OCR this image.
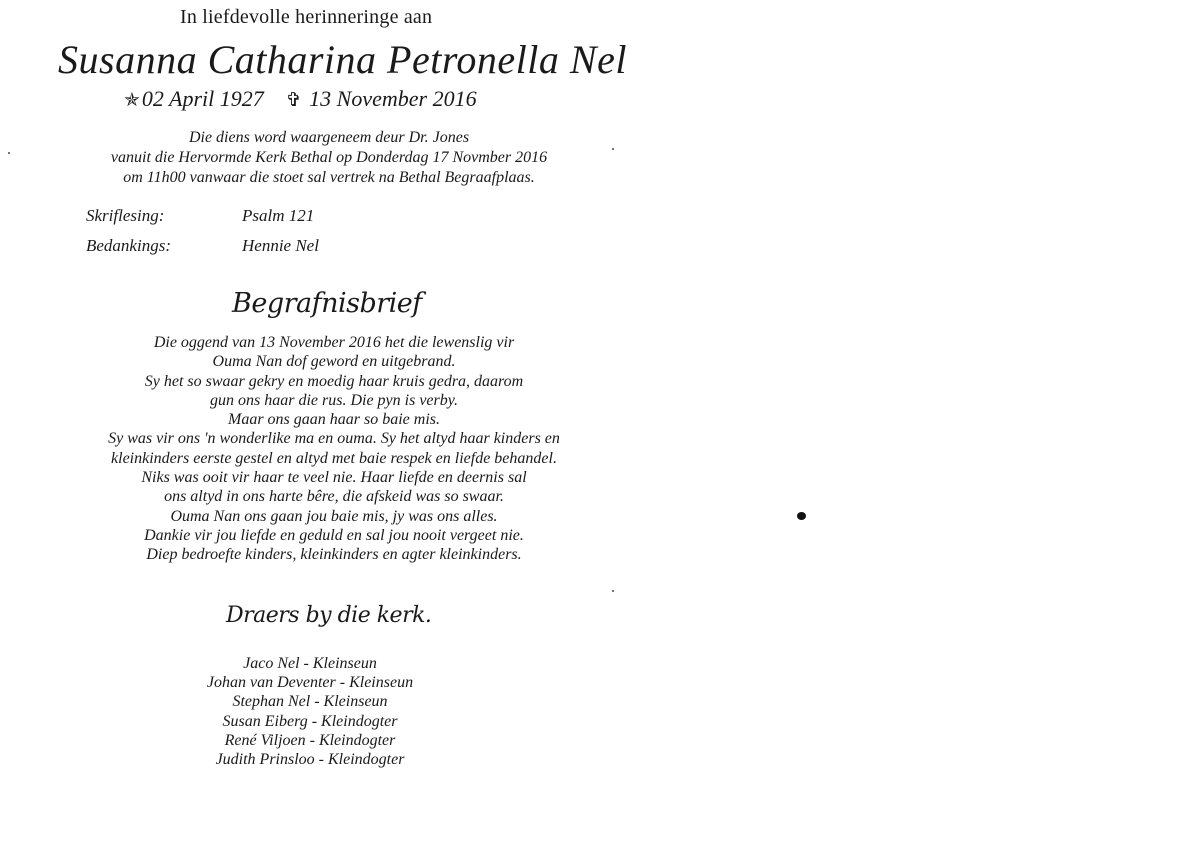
In liefdevolle herinneringe aan
Susanna Catharina Petronella Nel
✯02 April 1927 ✞ 13 November 2016
Die diens word waargeneem deur Dr. Jones
vanuit die Hervormde Kerk Bethal op Donderdag 17 Novmber 2016
om 11h00 vanwaar die stoet sal vertrek na Bethal Begraafplaas.
Skriflesing:	Psalm 121
Bedankings:	Hennie Nel
Begrafnisbrief
Die oggend van 13 November 2016 het die lewenslig vir
Ouma Nan dof geword en uitgebrand.
Sy het so swaar gekry en moedig haar kruis gedra, daarom
gun ons haar die rus. Die pyn is verby.
Maar ons gaan haar so baie mis.
Sy was vir ons 'n wonderlike ma en ouma. Sy het altyd haar kinders en
kleinkinders eerste gestel en altyd met baie respek en liefde behandel.
Niks was ooit vir haar te veel nie. Haar liefde en deernis sal
ons altyd in ons harte bêre, die afskeid was so swaar.
Ouma Nan ons gaan jou baie mis, jy was ons alles.
Dankie vir jou liefde en geduld en sal jou nooit vergeet nie.
Diep bedroefte kinders, kleinkinders en agter kleinkinders.
Draers by die kerk.
Jaco Nel - Kleinseun
Johan van Deventer - Kleinseun
Stephan Nel - Kleinseun
Susan Eiberg - Kleindogter
René Viljoen - Kleindogter
Judith Prinsloo - Kleindogter
